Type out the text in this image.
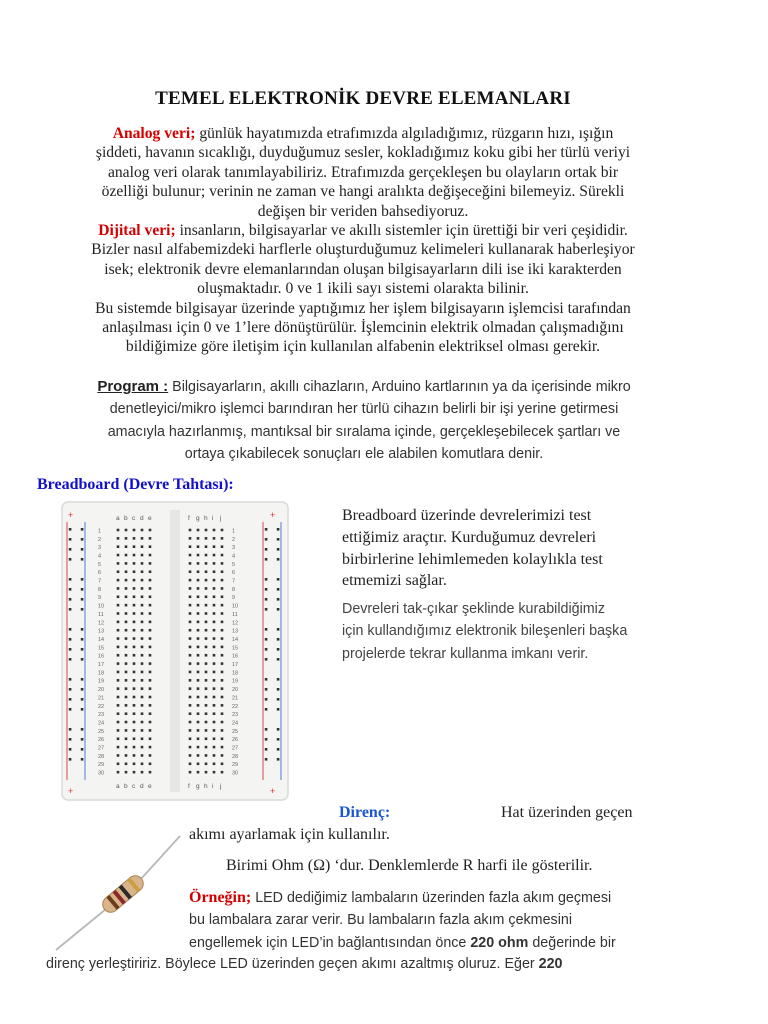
TEMEL ELEKTRONİK DEVRE ELEMANLARI
Analog veri; günlük hayatımızda etrafımızda algıladığımız, rüzgarın hızı, ışığın
şiddeti, havanın sıcaklığı, duyduğumuz sesler, kokladığımız koku gibi her türlü veriyi
analog veri olarak tanımlayabiliriz. Etrafımızda gerçekleşen bu olayların ortak bir
özelliği bulunur; verinin ne zaman ve hangi aralıkta değişeceğini bilemeyiz. Sürekli
değişen bir veriden bahsediyoruz.
Dijital veri; insanların, bilgisayarlar ve akıllı sistemler için ürettiği bir veri çeşididir.
Bizler nasıl alfabemizdeki harflerle oluşturduğumuz kelimeleri kullanarak haberleşiyor
isek; elektronik devre elemanlarından oluşan bilgisayarların dili ise iki karakterden
oluşmaktadır. 0 ve 1 ikili sayı sistemi olarakta bilinir.
Bu sistemde bilgisayar üzerinde yaptığımız her işlem bilgisayarın işlemcisi tarafından
anlaşılması için 0 ve 1’lere dönüştürülür. İşlemcinin elektrik olmadan çalışmadığını
bildiğimize göre iletişim için kullanılan alfabenin elektriksel olması gerekir.
Program : Bilgisayarların, akıllı cihazların, Arduino kartlarının ya da içerisinde mikro
denetleyici/mikro işlemci barındıran her türlü cihazın belirli bir işi yerine getirmesi
amacıyla hazırlanmış, mantıksal bir sıralama içinde, gerçekleşebilecek şartları ve
ortaya çıkabilecek sonuçları ele alabilen komutlara denir.
Breadboard (Devre Tahtası):
+	+
+	+
a
a
b
b
c
c
d
d
e
e
f
f
g
g
h
h
i
i
j
j
1	1
2	2
3	3
4	4
5	5
6	6
7	7
8	8
9	9
10	10
11	11
12	12
13	13
14	14
15	15
16	16
17	17
18	18
19	19
20	20
21	21
22	22
23	23
24	24
25	25
26	26
27	27
28	28
29	29
30	30
Breadboard üzerinde devrelerimizi test
ettiğimiz araçtır. Kurduğumuz devreleri
birbirlerine lehimlemeden kolaylıkla test
etmemizi sağlar.
Devreleri tak-çıkar şeklinde kurabildiğimiz
için kullandığımız elektronik bileşenleri başka
projelerde tekrar kullanma imkanı verir.
Direnç:	Hat üzerinden geçen
akımı ayarlamak için kullanılır.
Birimi Ohm (Ω) ‘dur. Denklemlerde R harfi ile gösterilir.
Örneğin; LED dediğimiz lambaların üzerinden fazla akım geçmesi
bu lambalara zarar verir. Bu lambaların fazla akım çekmesini
engellemek için LED’in bağlantısından önce 220 ohm değerinde bir
direnç yerleştiririz. Böylece LED üzerinden geçen akımı azaltmış oluruz. Eğer 220
